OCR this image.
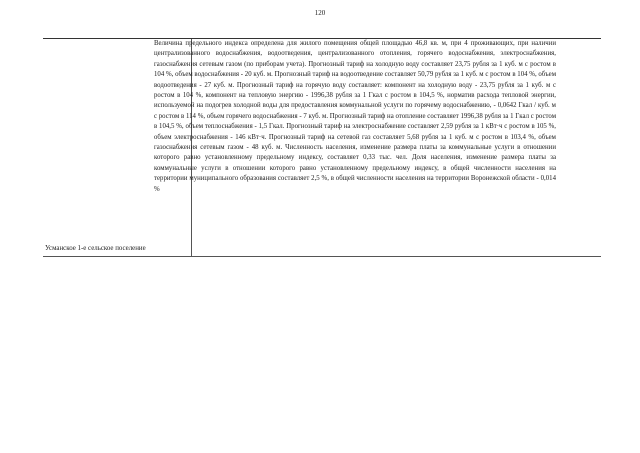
120
Усманское 1-е сельское поселение
Величина предельного индекса определена для жилого помещения общей площадью 46,8 кв. м, при 4 проживающих, при наличии централизованного водоснабжения, водоотведения, централизованного отопления, горячего водоснабжения, электроснабжения, газоснабжения сетевым газом (по приборам учета). Прогнозный тариф на холодную воду составляет 23,75 рубля за 1 куб. м с ростом в 104 %, объем водоснабжения - 20 куб. м. Прогнозный тариф на водоотведение составляет 50,79 рубля за 1 куб. м с ростом в 104 %, объем водоотведения - 27 куб. м. Прогнозный тариф на горячую воду составляет: компонент на холодную воду - 23,75 рубля за 1 куб. м с ростом в 104 %, компонент на тепловую энергию - 1996,38 рубля за 1 Гкал с ростом в 104,5 %, норматив расхода тепловой энергии, используемой на подогрев холодной воды для предоставления коммунальной услуги по горячему водоснабжению, - 0,0642 Гкал / куб. м с ростом в 114 %, объем горячего водоснабжения - 7 куб. м. Прогнозный тариф на отопление составляет 1996,38 рубля за 1 Гкал с ростом в 104,5 %, объем теплоснабжения - 1,5 Гкал. Прогнозный тариф на электроснабжение составляет 2,59 рубля за 1 кВт·ч с ростом в 105 %, объем электроснабжения - 146 кВт·ч. Прогнозный тариф на сетевой газ составляет 5,68 рубля за 1 куб. м с ростом в 103,4 %, объем газоснабжения сетевым газом - 48 куб. м. Численность населения, изменение размера платы за коммунальные услуги в отношении которого равно установленному предельному индексу, составляет 0,33 тыс. чел. Доля населения, изменение размера платы за коммунальные услуги в отношении которого равно установленному предельному индексу, в общей численности населения на территории муниципального образования составляет 2,5 %, в общей численности населения на территории Воронежской области - 0,014 %
